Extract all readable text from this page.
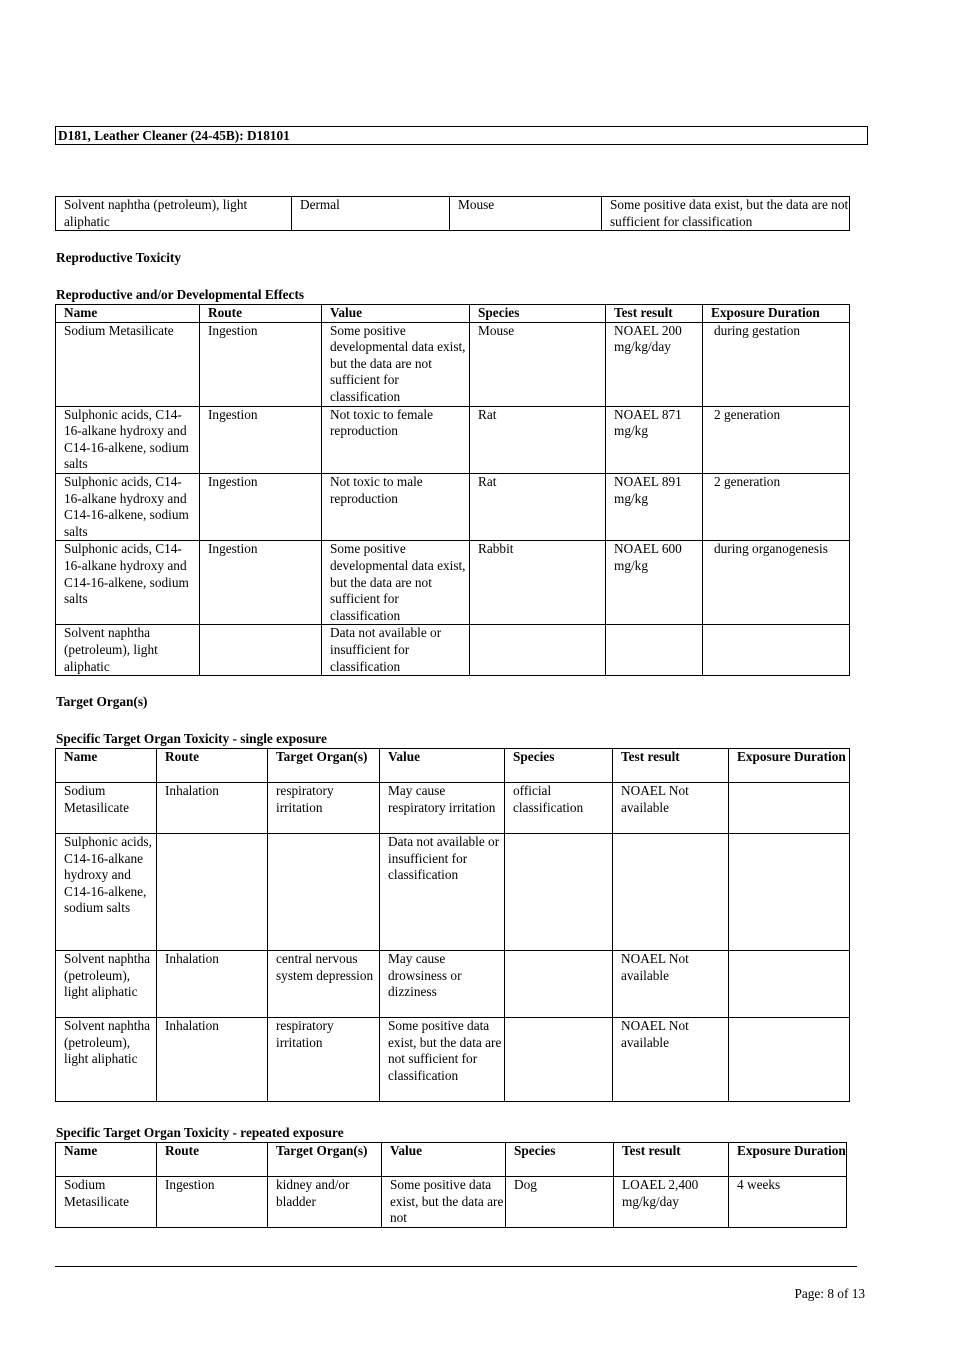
D181, Leather Cleaner (24-45B): D18101
Solvent naphtha (petroleum), light aliphatic	Dermal	Mouse	Some positive data exist, but the data are not sufficient for classification
Reproductive Toxicity
Reproductive and/or Developmental Effects
Name	Route	Value	Species	Test result	Exposure Duration
Sodium Metasilicate	Ingestion	Some positive developmental data exist, but the data are not sufficient for classification	Mouse	NOAEL 200 mg/kg/day	during gestation
Sulphonic acids, C14-16-alkane hydroxy and C14-16-alkene, sodium salts	Ingestion	Not toxic to female reproduction	Rat	NOAEL 871 mg/kg	2 generation
Sulphonic acids, C14-16-alkane hydroxy and C14-16-alkene, sodium salts	Ingestion	Not toxic to male reproduction	Rat	NOAEL 891 mg/kg	2 generation
Sulphonic acids, C14-16-alkane hydroxy and C14-16-alkene, sodium salts	Ingestion	Some positive developmental data exist, but the data are not sufficient for classification	Rabbit	NOAEL 600 mg/kg	during organogenesis
Solvent naphtha (petroleum), light aliphatic		Data not available or insufficient for classification			
Target Organ(s)
Specific Target Organ Toxicity - single exposure
Name	Route	Target Organ(s)	Value	Species	Test result	Exposure Duration
Sodium Metasilicate	Inhalation	respiratory irritation	May cause respiratory irritation	official classification	NOAEL Not available	
Sulphonic acids, C14-16-alkane hydroxy and C14-16-alkene, sodium salts			Data not available or insufficient for classification			
Solvent naphtha (petroleum), light aliphatic	Inhalation	central nervous system depression	May cause drowsiness or dizziness		NOAEL Not available	
Solvent naphtha (petroleum), light aliphatic	Inhalation	respiratory irritation	Some positive data exist, but the data are not sufficient for classification		NOAEL Not available	
Specific Target Organ Toxicity - repeated exposure
Name	Route	Target Organ(s)	Value	Species	Test result	Exposure Duration
Sodium Metasilicate	Ingestion	kidney and/or bladder	Some positive data exist, but the data are not	Dog	LOAEL 2,400 mg/kg/day	4 weeks
Page: 8 of 13
